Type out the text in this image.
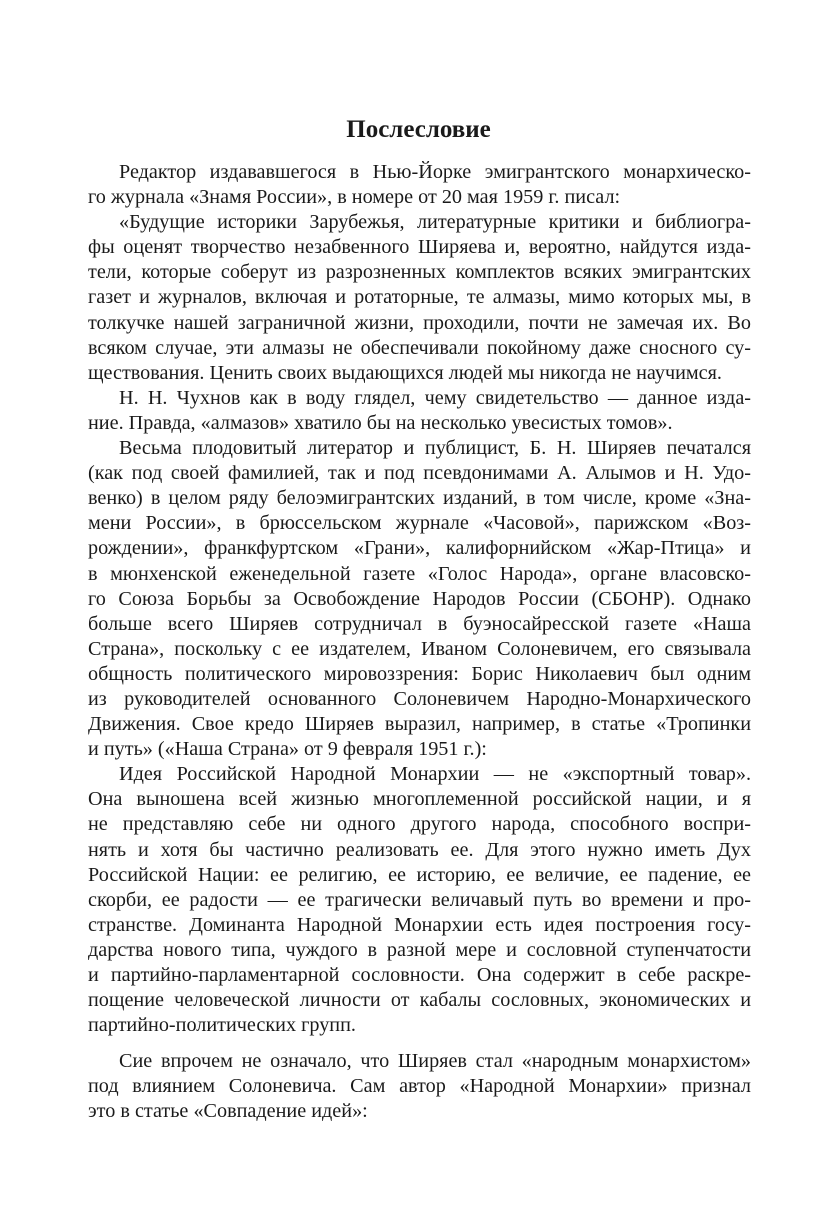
Послесловие
Редактор издававшегося в Нью-Йорке эмигрантского монархическо-
го журнала «Знамя России», в номере от 20 мая 1959 г. писал:
«Будущие историки Зарубежья, литературные критики и библиогра-
фы оценят творчество незабвенного Ширяева и, вероятно, найдутся изда-
тели, которые соберут из разрозненных комплектов всяких эмигрантских
газет и журналов, включая и ротаторные, те алмазы, мимо которых мы, в
толкучке нашей заграничной жизни, проходили, почти не замечая их. Во
всяком случае, эти алмазы не обеспечивали покойному даже сносного су-
ществования. Ценить своих выдающихся людей мы никогда не научимся.
Н. Н. Чухнов как в воду глядел, чему свидетельство — данное изда-
ние. Правда, «алмазов» хватило бы на несколько увесистых томов».
Весьма плодовитый литератор и публицист, Б. Н. Ширяев печатался
(как под своей фамилией, так и под псевдонимами А. Алымов и Н. Удо-
венко) в целом ряду белоэмигрантских изданий, в том числе, кроме «Зна-
мени России», в брюссельском журнале «Часовой», парижском «Воз-
рождении», франкфуртском «Грани», калифорнийском «Жар-Птица» и
в мюнхенской еженедельной газете «Голос Народа», органе власовско-
го Союза Борьбы за Освобождение Народов России (СБОНР). Однако
больше всего Ширяев сотрудничал в буэносайресской газете «Наша
Страна», поскольку с ее издателем, Иваном Солоневичем, его связывала
общность политического мировоззрения: Борис Николаевич был одним
из руководителей основанного Солоневичем Народно-Монархического
Движения. Свое кредо Ширяев выразил, например, в статье «Тропинки
и путь» («Наша Страна» от 9 февраля 1951 г.):
Идея Российской Народной Монархии — не «экспортный товар».
Она выношена всей жизнью многоплеменной российской нации, и я
не представляю себе ни одного другого народа, способного воспри-
нять и хотя бы частично реализовать ее. Для этого нужно иметь Дух
Российской Нации: ее религию, ее историю, ее величие, ее падение, ее
скорби, ее радости — ее трагически величавый путь во времени и про-
странстве. Доминанта Народной Монархии есть идея построения госу-
дарства нового типа, чуждого в разной мере и сословной ступенчатости
и партийно-парламентарной сословности. Она содержит в себе раскре-
пощение человеческой личности от кабалы сословных, экономических и
партийно-политических групп.
Сие впрочем не означало, что Ширяев стал «народным монархистом»
под влиянием Солоневича. Сам автор «Народной Монархии» признал
это в статье «Совпадение идей»:
